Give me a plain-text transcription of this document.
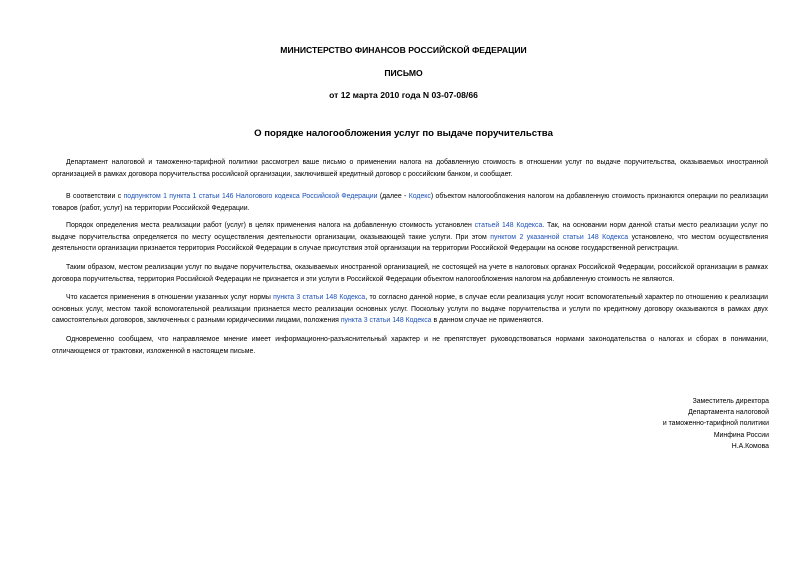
МИНИСТЕРСТВО ФИНАНСОВ РОССИЙСКОЙ ФЕДЕРАЦИИ
ПИСЬМО
от 12 марта 2010 года N 03-07-08/66
О порядке налогообложения услуг по выдаче поручительства
Департамент налоговой и таможенно-тарифной политики рассмотрел ваше письмо о применении налога на добавленную стоимость в отношении услуг по выдаче поручительства, оказываемых иностранной организацией в рамках договора поручительства российской организации, заключившей кредитный договор с российским банком, и сообщает.
В соответствии с подпунктом 1 пункта 1 статьи 146 Налогового кодекса Российской Федерации (далее - Кодекс) объектом налогообложения налогом на добавленную стоимость признаются операции по реализации товаров (работ, услуг) на территории Российской Федерации.
Порядок определения места реализации работ (услуг) в целях применения налога на добавленную стоимость установлен статьей 148 Кодекса. Так, на основании норм данной статьи место реализации услуг по выдаче поручительства определяется по месту осуществления деятельности организации, оказывающей такие услуги. При этом пунктом 2 указанной статьи 148 Кодекса установлено, что местом осуществления деятельности организации признается территория Российской Федерации в случае присутствия этой организации на территории Российской Федерации на основе государственной регистрации.
Таким образом, местом реализации услуг по выдаче поручительства, оказываемых иностранной организацией, не состоящей на учете в налоговых органах Российской Федерации, российской организации в рамках договора поручительства, территория Российской Федерации не признается и эти услуги в Российской Федерации объектом налогообложения налогом на добавленную стоимость не являются.
Что касается применения в отношении указанных услуг нормы пункта 3 статьи 148 Кодекса, то согласно данной норме, в случае если реализация услуг носит вспомогательный характер по отношению к реализации основных услуг, местом такой вспомогательной реализации признается место реализации основных услуг. Поскольку услуги по выдаче поручительства и услуги по кредитному договору оказываются в рамках двух самостоятельных договоров, заключенных с разными юридическими лицами, положения пункта 3 статьи 148 Кодекса в данном случае не применяются.
Одновременно сообщаем, что направляемое мнение имеет информационно-разъяснительный характер и не препятствует руководствоваться нормами законодательства о налогах и сборах в понимании, отличающемся от трактовки, изложенной в настоящем письме.
Заместитель директора
Департамента налоговой
и таможенно-тарифной политики
Минфина России
Н.А.Комова
